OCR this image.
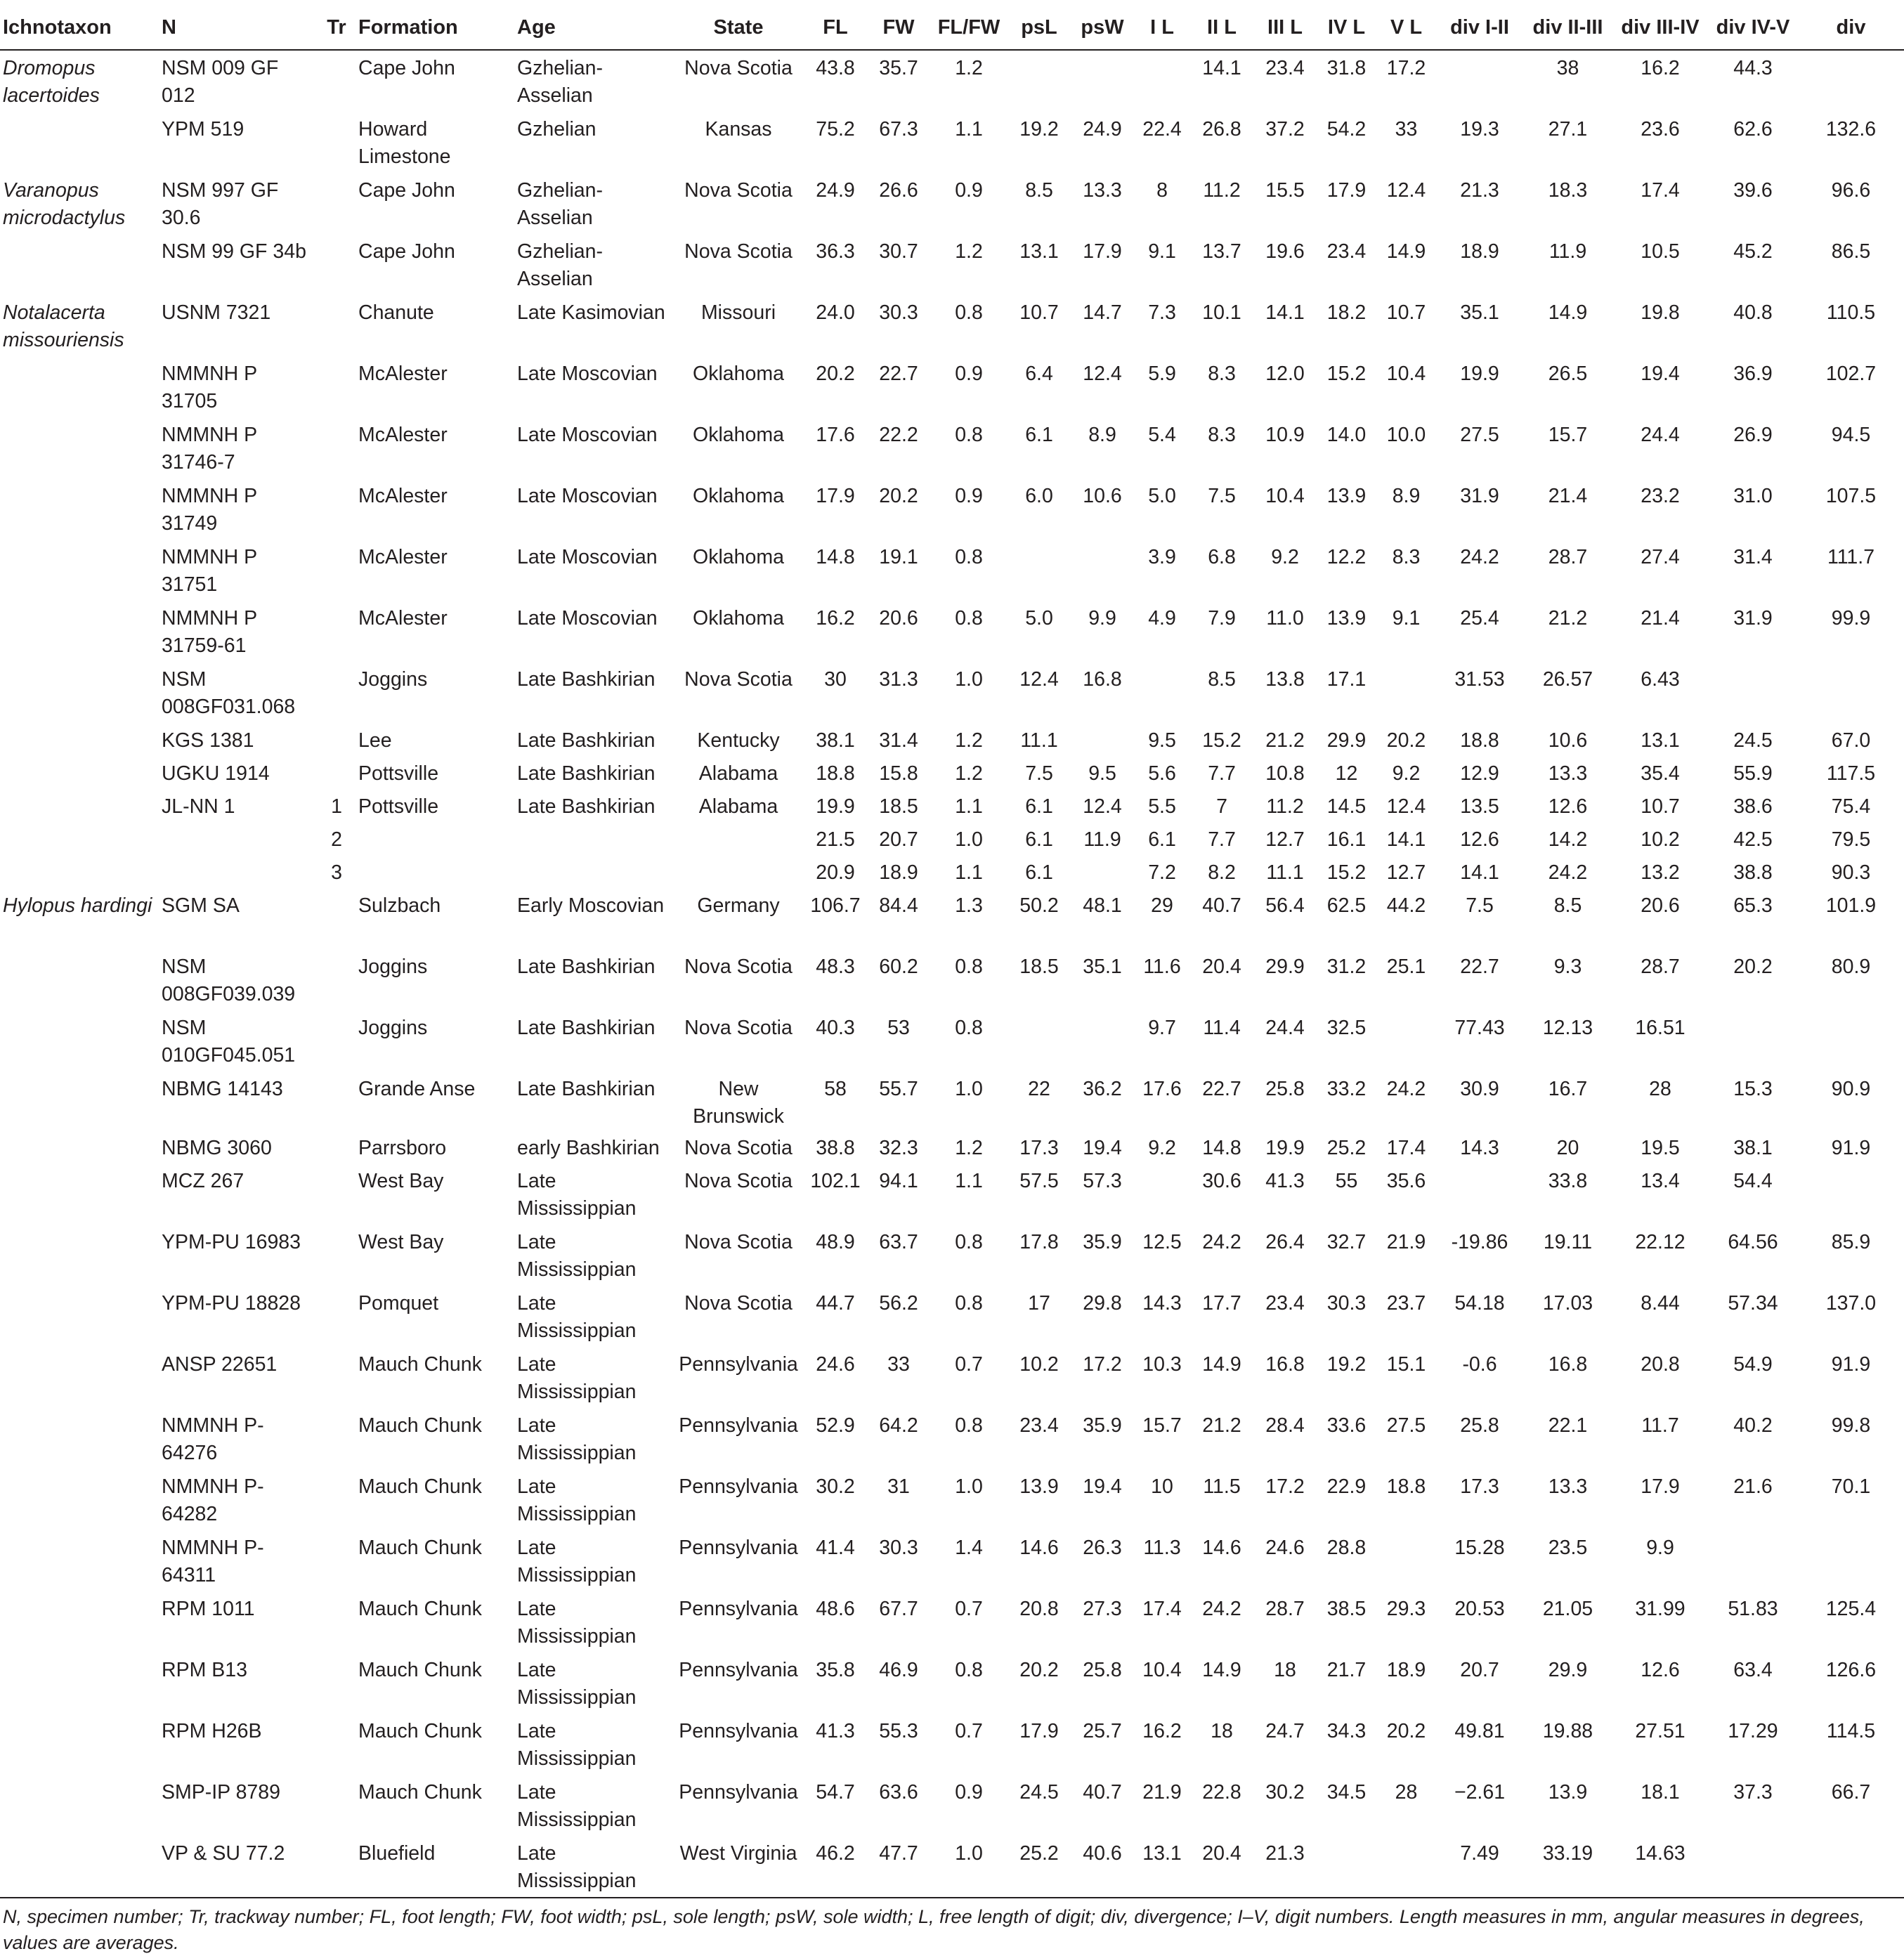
Ichnotaxon	N	Tr	Formation	Age	State	FL	FW	FL/FW	psL	psW	I L	II L	III L	IV L	V L	div I-II	div II-III	div III-IV	div IV-V	div
Dromopus lacertoides	NSM 009 GF 012		Cape John	Gzhelian-Asselian	Nova Scotia	43.8	35.7	1.2				14.1	23.4	31.8	17.2		38	16.2	44.3	
	YPM 519		Howard Limestone	Gzhelian	Kansas	75.2	67.3	1.1	19.2	24.9	22.4	26.8	37.2	54.2	33	19.3	27.1	23.6	62.6	132.6
Varanopus microdactylus	NSM 997 GF 30.6		Cape John	Gzhelian-Asselian	Nova Scotia	24.9	26.6	0.9	8.5	13.3	8	11.2	15.5	17.9	12.4	21.3	18.3	17.4	39.6	96.6
	NSM 99 GF 34b		Cape John	Gzhelian-Asselian	Nova Scotia	36.3	30.7	1.2	13.1	17.9	9.1	13.7	19.6	23.4	14.9	18.9	11.9	10.5	45.2	86.5
Notalacerta missouriensis	USNM 7321		Chanute	Late Kasimovian	Missouri	24.0	30.3	0.8	10.7	14.7	7.3	10.1	14.1	18.2	10.7	35.1	14.9	19.8	40.8	110.5
	NMMNH P 31705		McAlester	Late Moscovian	Oklahoma	20.2	22.7	0.9	6.4	12.4	5.9	8.3	12.0	15.2	10.4	19.9	26.5	19.4	36.9	102.7
	NMMNH P 31746-7		McAlester	Late Moscovian	Oklahoma	17.6	22.2	0.8	6.1	8.9	5.4	8.3	10.9	14.0	10.0	27.5	15.7	24.4	26.9	94.5
	NMMNH P 31749		McAlester	Late Moscovian	Oklahoma	17.9	20.2	0.9	6.0	10.6	5.0	7.5	10.4	13.9	8.9	31.9	21.4	23.2	31.0	107.5
	NMMNH P 31751		McAlester	Late Moscovian	Oklahoma	14.8	19.1	0.8			3.9	6.8	9.2	12.2	8.3	24.2	28.7	27.4	31.4	111.7
	NMMNH P 31759-61		McAlester	Late Moscovian	Oklahoma	16.2	20.6	0.8	5.0	9.9	4.9	7.9	11.0	13.9	9.1	25.4	21.2	21.4	31.9	99.9
	NSM 008GF031.068		Joggins	Late Bashkirian	Nova Scotia	30	31.3	1.0	12.4	16.8		8.5	13.8	17.1		31.53	26.57	6.43		
	KGS 1381		Lee	Late Bashkirian	Kentucky	38.1	31.4	1.2	11.1		9.5	15.2	21.2	29.9	20.2	18.8	10.6	13.1	24.5	67.0
	UGKU 1914		Pottsville	Late Bashkirian	Alabama	18.8	15.8	1.2	7.5	9.5	5.6	7.7	10.8	12	9.2	12.9	13.3	35.4	55.9	117.5
	JL-NN 1	1	Pottsville	Late Bashkirian	Alabama	19.9	18.5	1.1	6.1	12.4	5.5	7	11.2	14.5	12.4	13.5	12.6	10.7	38.6	75.4
		2				21.5	20.7	1.0	6.1	11.9	6.1	7.7	12.7	16.1	14.1	12.6	14.2	10.2	42.5	79.5
		3				20.9	18.9	1.1	6.1		7.2	8.2	11.1	15.2	12.7	14.1	24.2	13.2	38.8	90.3
Hylopus hardingi	SGM SA		Sulzbach	Early Moscovian	Germany	106.7	84.4	1.3	50.2	48.1	29	40.7	56.4	62.5	44.2	7.5	8.5	20.6	65.3	101.9
	NSM 008GF039.039		Joggins	Late Bashkirian	Nova Scotia	48.3	60.2	0.8	18.5	35.1	11.6	20.4	29.9	31.2	25.1	22.7	9.3	28.7	20.2	80.9
	NSM 010GF045.051		Joggins	Late Bashkirian	Nova Scotia	40.3	53	0.8			9.7	11.4	24.4	32.5		77.43	12.13	16.51		
	NBMG 14143		Grande Anse	Late Bashkirian	New Brunswick	58	55.7	1.0	22	36.2	17.6	22.7	25.8	33.2	24.2	30.9	16.7	28	15.3	90.9
	NBMG 3060		Parrsboro	early Bashkirian	Nova Scotia	38.8	32.3	1.2	17.3	19.4	9.2	14.8	19.9	25.2	17.4	14.3	20	19.5	38.1	91.9
	MCZ 267		West Bay	Late Mississippian	Nova Scotia	102.1	94.1	1.1	57.5	57.3		30.6	41.3	55	35.6		33.8	13.4	54.4	
	YPM-PU 16983		West Bay	Late Mississippian	Nova Scotia	48.9	63.7	0.8	17.8	35.9	12.5	24.2	26.4	32.7	21.9	-19.86	19.11	22.12	64.56	85.9
	YPM-PU 18828		Pomquet	Late Mississippian	Nova Scotia	44.7	56.2	0.8	17	29.8	14.3	17.7	23.4	30.3	23.7	54.18	17.03	8.44	57.34	137.0
	ANSP 22651		Mauch Chunk	Late Mississippian	Pennsylvania	24.6	33	0.7	10.2	17.2	10.3	14.9	16.8	19.2	15.1	-0.6	16.8	20.8	54.9	91.9
	NMMNH P-64276		Mauch Chunk	Late Mississippian	Pennsylvania	52.9	64.2	0.8	23.4	35.9	15.7	21.2	28.4	33.6	27.5	25.8	22.1	11.7	40.2	99.8
	NMMNH P-64282		Mauch Chunk	Late Mississippian	Pennsylvania	30.2	31	1.0	13.9	19.4	10	11.5	17.2	22.9	18.8	17.3	13.3	17.9	21.6	70.1
	NMMNH P-64311		Mauch Chunk	Late Mississippian	Pennsylvania	41.4	30.3	1.4	14.6	26.3	11.3	14.6	24.6	28.8		15.28	23.5	9.9		
	RPM 1011		Mauch Chunk	Late Mississippian	Pennsylvania	48.6	67.7	0.7	20.8	27.3	17.4	24.2	28.7	38.5	29.3	20.53	21.05	31.99	51.83	125.4
	RPM B13		Mauch Chunk	Late Mississippian	Pennsylvania	35.8	46.9	0.8	20.2	25.8	10.4	14.9	18	21.7	18.9	20.7	29.9	12.6	63.4	126.6
	RPM H26B		Mauch Chunk	Late Mississippian	Pennsylvania	41.3	55.3	0.7	17.9	25.7	16.2	18	24.7	34.3	20.2	49.81	19.88	27.51	17.29	114.5
	SMP-IP 8789		Mauch Chunk	Late Mississippian	Pennsylvania	54.7	63.6	0.9	24.5	40.7	21.9	22.8	30.2	34.5	28	−2.61	13.9	18.1	37.3	66.7
	VP & SU 77.2		Bluefield	Late Mississippian	West Virginia	46.2	47.7	1.0	25.2	40.6	13.1	20.4	21.3			7.49	33.19	14.63		
N, specimen number; Tr, trackway number; FL, foot length; FW, foot width; psL, sole length; psW, sole width; L, free length of digit; div, divergence; I–V, digit numbers. Length measures in mm, angular measures in degrees, values are averages.
